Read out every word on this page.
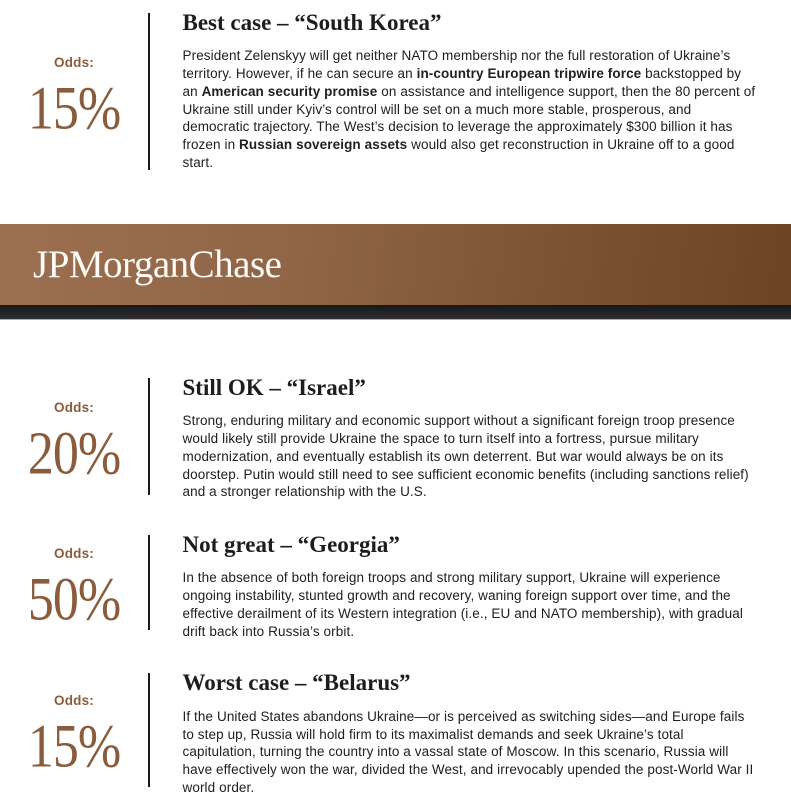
Odds:
15%
Best case – “South Korea”

President Zelenskyy will get neither NATO membership nor the full restoration of Ukraine’s territory. However, if he can secure an in-country European tripwire force backstopped by an American security promise on assistance and intelligence support, then the 80 percent of Ukraine still under Kyiv’s control will be set on a much more stable, prosperous, and democratic trajectory. The West’s decision to leverage the approximately $300 billion it has frozen in Russian sovereign assets would also get reconstruction in Ukraine off to a good start.

JPMorganChase
Odds:
20%
Still OK – “Israel”

Strong, enduring military and economic support without a significant foreign troop presence would likely still provide Ukraine the space to turn itself into a fortress, pursue military modernization, and eventually establish its own deterrent. But war would always be on its doorstep. Putin would still need to see sufficient economic benefits (including sanctions relief) and a stronger relationship with the U.S.

Odds:
50%
Not great – “Georgia”

In the absence of both foreign troops and strong military support, Ukraine will experience ongoing instability, stunted growth and recovery, waning foreign support over time, and the effective derailment of its Western integration (i.e., EU and NATO membership), with gradual drift back into Russia’s orbit.

Odds:
15%
Worst case – “Belarus”

If the United States abandons Ukraine—or is perceived as switching sides—and Europe fails to step up, Russia will hold firm to its maximalist demands and seek Ukraine’s total capitulation, turning the country into a vassal state of Moscow. In this scenario, Russia will have effectively won the war, divided the West, and irrevocably upended the post-World War II world order.
